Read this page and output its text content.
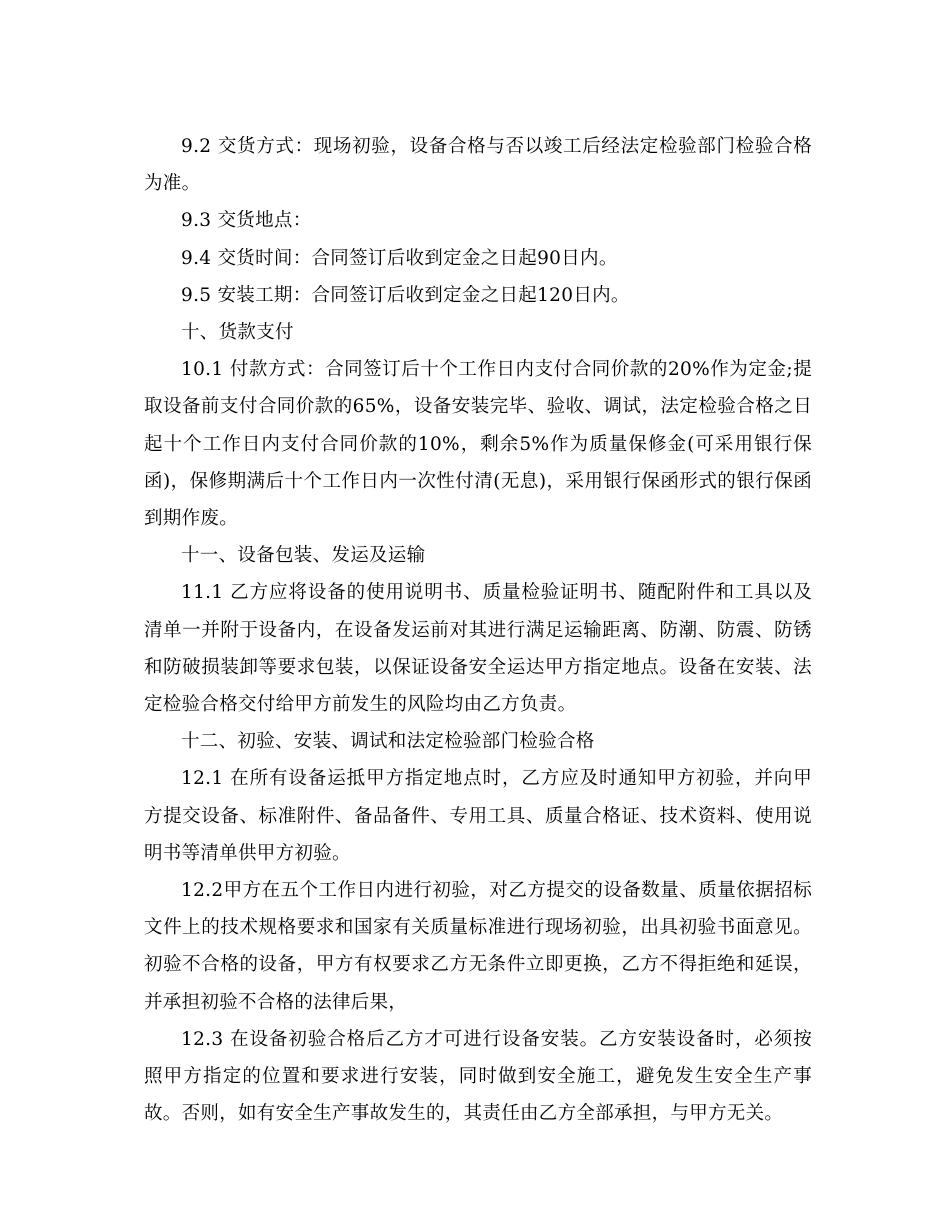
9.2 交货方式：现场初验，设备合格与否以竣工后经法定检验部门检验合格为准。

9.3 交货地点：

9.4 交货时间：合同签订后收到定金之日起90日内。

9.5 安装工期：合同签订后收到定金之日起120日内。

十、货款支付

10.1 付款方式：合同签订后十个工作日内支付合同价款的20%作为定金;提取设备前支付合同价款的65%，设备安装完毕、验收、调试，法定检验合格之日起十个工作日内支付合同价款的10%，剩余5%作为质量保修金(可采用银行保函)，保修期满后十个工作日内一次性付清(无息)，采用银行保函形式的银行保函到期作废。

十一、设备包装、发运及运输

11.1 乙方应将设备的使用说明书、质量检验证明书、随配附件和工具以及清单一并附于设备内，在设备发运前对其进行满足运输距离、防潮、防震、防锈和防破损装卸等要求包装，以保证设备安全运达甲方指定地点。设备在安装、法定检验合格交付给甲方前发生的风险均由乙方负责。

十二、初验、安装、调试和法定检验部门检验合格

12.1 在所有设备运抵甲方指定地点时，乙方应及时通知甲方初验，并向甲方提交设备、标准附件、备品备件、专用工具、质量合格证、技术资料、使用说明书等清单供甲方初验。

12.2甲方在五个工作日内进行初验，对乙方提交的设备数量、质量依据招标文件上的技术规格要求和国家有关质量标准进行现场初验，出具初验书面意见。初验不合格的设备，甲方有权要求乙方无条件立即更换，乙方不得拒绝和延误，并承担初验不合格的法律后果，

12.3 在设备初验合格后乙方才可进行设备安装。乙方安装设备时，必须按照甲方指定的位置和要求进行安装，同时做到安全施工，避免发生安全生产事故。否则，如有安全生产事故发生的，其责任由乙方全部承担，与甲方无关。
